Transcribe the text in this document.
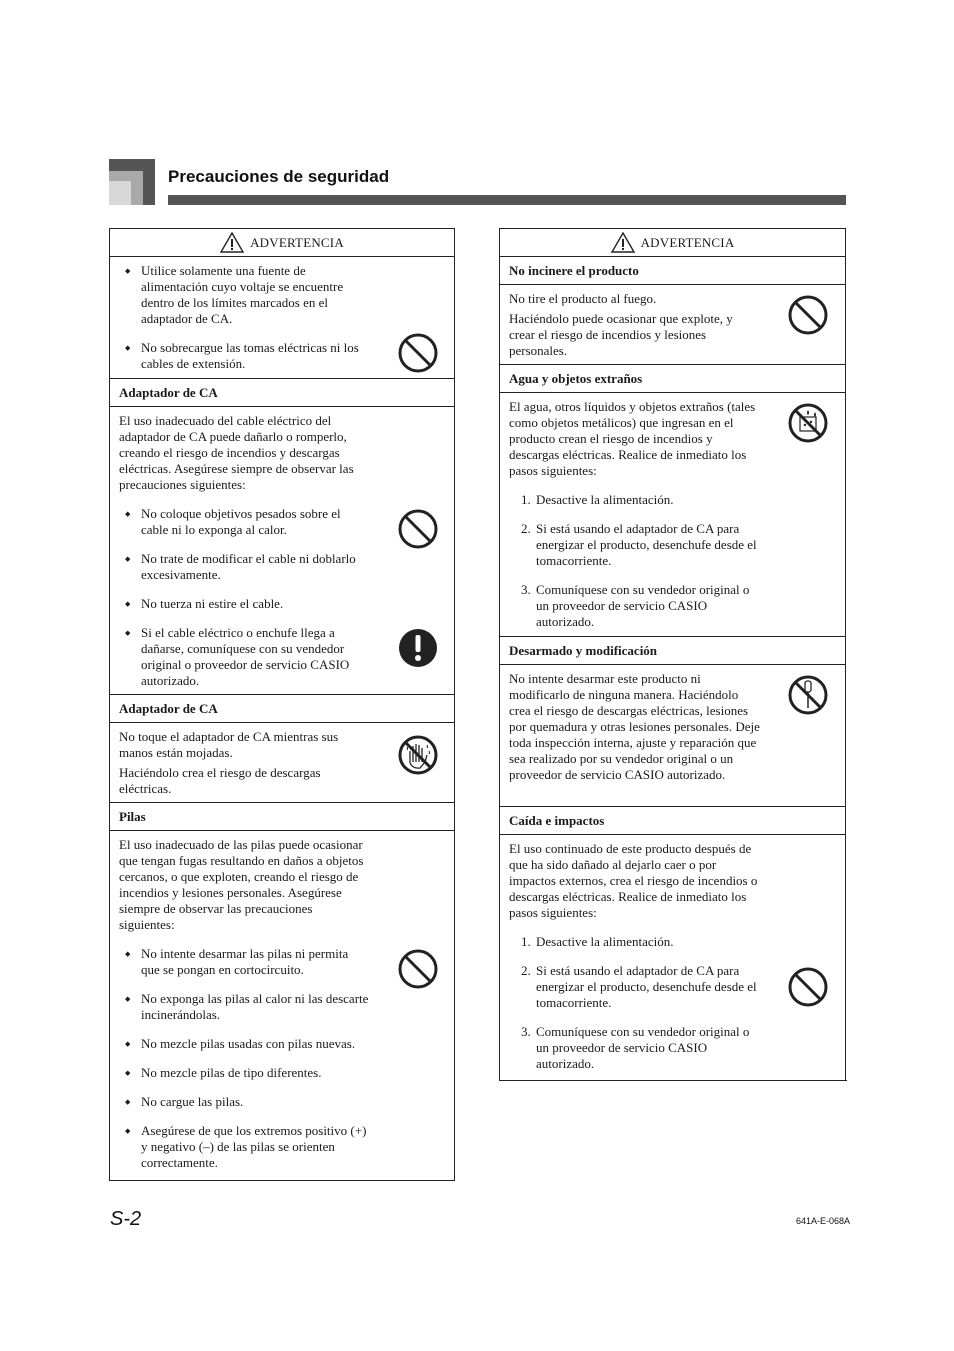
Precauciones de seguridad
ADVERTENCIA
◆ Utilice solamente una fuente de alimentación cuyo voltaje se encuentre dentro de los límites marcados en el adaptador de CA.
◆ No sobrecargue las tomas eléctricas ni los cables de extensión.
Adaptador de CA

El uso inadecuado del cable eléctrico del adaptador de CA puede dañarlo o romperlo, creando el riesgo de incendios y descargas eléctricas. Asegúrese siempre de observar las precauciones siguientes:

◆ No coloque objetivos pesados sobre el cable ni lo exponga al calor.
◆ No trate de modificar el cable ni doblarlo excesivamente.
◆ No tuerza ni estire el cable.
◆ Si el cable eléctrico o enchufe llega a dañarse, comuníquese con su vendedor original o proveedor de servicio CASIO autorizado.
Adaptador de CA

No toque el adaptador de CA mientras sus manos están mojadas.

Haciéndolo crea el riesgo de descargas eléctricas.

Pilas

El uso inadecuado de las pilas puede ocasionar que tengan fugas resultando en daños a objetos cercanos, o que exploten, creando el riesgo de incendios y lesiones personales. Asegúrese siempre de observar las precauciones siguientes:

◆ No intente desarmar las pilas ni permita que se pongan en cortocircuito.
◆ No exponga las pilas al calor ni las descarte incinerándolas.
◆ No mezcle pilas usadas con pilas nuevas.
◆ No mezcle pilas de tipo diferentes.
◆ No cargue las pilas.
◆ Asegúrese de que los extremos positivo (+) y negativo (–) de las pilas se orienten correctamente.
ADVERTENCIA
No incinere el producto

No tire el producto al fuego.

Haciéndolo puede ocasionar que explote, y crear el riesgo de incendios y lesiones personales.

Agua y objetos extraños

El agua, otros líquidos y objetos extraños (tales como objetos metálicos) que ingresan en el producto crean el riesgo de incendios y descargas eléctricas. Realice de inmediato los pasos siguientes:

1. Desactive la alimentación.
2. Si está usando el adaptador de CA para energizar el producto, desenchufe desde el tomacorriente.
3. Comuníquese con su vendedor original o un proveedor de servicio CASIO autorizado.
Desarmado y modificación

No intente desarmar este producto ni modificarlo de ninguna manera. Haciéndolo crea el riesgo de descargas eléctricas, lesiones por quemadura y otras lesiones personales. Deje toda inspección interna, ajuste y reparación que sea realizado por su vendedor original o un proveedor de servicio CASIO autorizado.

Caída e impactos

El uso continuado de este producto después de que ha sido dañado al dejarlo caer o por impactos externos, crea el riesgo de incendios o descargas eléctricas. Realice de inmediato los pasos siguientes:

1. Desactive la alimentación.
2. Si está usando el adaptador de CA para energizar el producto, desenchufe desde el tomacorriente.
3. Comuníquese con su vendedor original o un proveedor de servicio CASIO autorizado.
S-2	641A-E-068A
